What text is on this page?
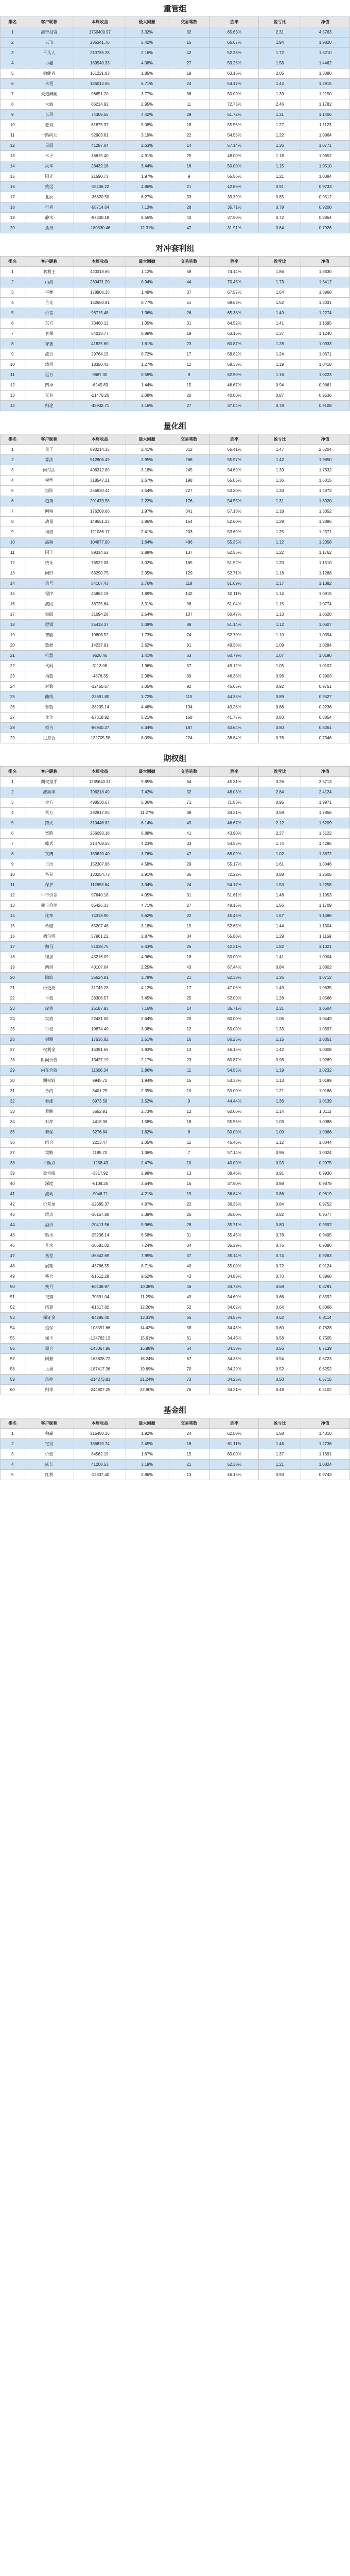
重管组
排名	客户昵称	本周收益	最大回撤	交易笔数	胜率	盈亏比	净值
1	海帝投资	1750400.97	3.32%	32	65.63%	2.31	4.5763
2	云飞	285341.76	5.42%	15	66.67%	1.94	1.9820
3	平凡人	210785.28	2.16%	42	52.38%	1.72	1.5210
4	小鑫	189540.33	4.08%	27	59.26%	1.58	1.4462
5	稳健者	151221.83	1.85%	19	63.16%	2.05	1.3380
6	永恒	126012.56	6.71%	24	54.17%	1.44	1.2915
7	天道酬勤	98651.20	3.77%	36	50.00%	1.39	1.2150
8	大海	86214.92	2.95%	11	72.73%	2.46	1.1782
9	长风	74308.55	4.42%	29	51.72%	1.31	1.1406
10	老刘	61875.37	5.08%	18	55.56%	1.27	1.1123
11	一路向北	52903.61	3.19%	22	54.55%	1.22	1.0964
12	星辰	41287.04	2.63%	14	57.14%	1.36	1.0771
13	木子	36615.40	4.91%	25	48.00%	1.18	1.0652
14	风华	28432.18	3.44%	16	50.00%	1.15	1.0510
15	阳光	21590.73	1.97%	9	55.56%	1.21	1.0384
16	致远	-15406.22	4.86%	21	42.86%	0.91	0.9733
17	北辰	-36820.50	6.27%	33	39.39%	0.85	0.9512
18	行者	-58714.64	7.13%	28	35.71%	0.79	0.9208
19	静水	-97300.18	8.55%	40	37.50%	0.72	0.8864
20	孤舟	-180530.46	12.31%	47	31.91%	0.64	0.7926
对冲套利组
排名	客户昵称	本周收益	最大回撤	交易笔数	胜率	盈亏比	净值
1	套利王	420318.65	1.12%	58	74.14%	1.86	1.8830
2	山海	260471.20	0.94%	44	70.45%	1.73	1.5412
3	平衡	178906.35	1.48%	37	67.57%	1.64	1.3968
4	月光	132650.91	0.77%	51	68.63%	1.52	1.3031
5	价差	98715.48	1.36%	26	65.38%	1.49	1.2274
6	东方	73460.12	1.05%	31	64.52%	1.41	1.1695
7	套保	54018.77	0.89%	19	63.16%	1.37	1.1240
8	守拙	41825.60	1.61%	23	60.87%	1.28	1.0933
9	流云	29764.15	0.72%	17	58.82%	1.24	1.0671
10	清风	18350.42	1.27%	12	58.33%	1.19	1.0418
11	远方	9687.30	0.58%	8	62.50%	1.16	1.0223
12	四季	-6245.83	1.44%	15	46.67%	0.94	0.9861
13	无名	-21470.26	2.08%	20	40.00%	0.87	0.9536
14	归途	-48932.71	3.16%	27	37.04%	0.78	0.9108
量化组
排名	客户昵称	本周收益	最大回撤	交易笔数	胜率	盈亏比	净值
1	量子	890214.35	2.41%	312	56.41%	1.47	2.6204
2	算法	512806.49	2.95%	268	55.97%	1.42	1.9850
3	阿尔法	406312.80	3.18%	245	54.69%	1.39	1.7632
4	模型	318547.21	2.67%	198	55.05%	1.36	1.6015
5	矩阵	256930.44	3.54%	227	53.30%	1.33	1.4873
6	趋势	201473.58	2.22%	176	54.55%	1.31	1.3920
7	网格	176208.66	1.97%	341	57.18%	1.18	1.3352
8	动量	148651.23	3.86%	154	52.60%	1.29	1.2886
9	均值	121036.17	2.41%	203	53.69%	1.25	1.2371
10	高频	104877.90	1.64%	486	55.35%	1.12	1.2058
11	因子	89314.52	2.88%	137	52.55%	1.22	1.1762
12	统计	76522.08	3.02%	165	51.52%	1.20	1.1510
13	回归	63290.75	2.35%	129	52.71%	1.18	1.1268
14	信号	54107.43	2.76%	118	51.69%	1.17	1.1082
15	程序	45862.19	1.89%	142	52.11%	1.14	1.0915
16	波段	38725.64	3.31%	96	51.04%	1.15	1.0774
17	突破	31094.28	2.54%	107	50.47%	1.13	1.0620
18	逻辑	25418.37	2.09%	88	51.14%	1.12	1.0507
19	智能	19806.52	1.73%	74	52.70%	1.10	1.0394
20	数据	14237.91	2.62%	81	49.38%	1.09	1.0284
21	机器	9520.46	1.41%	63	50.79%	1.07	1.0190
22	代码	5113.08	1.96%	57	49.12%	1.05	1.0102
23	指数	-4876.35	2.38%	69	46.38%	0.96	0.9903
24	对数	-12450.67	3.05%	92	45.65%	0.92	0.9751
25	曲线	-23691.80	3.72%	115	44.35%	0.89	0.9527
26	参数	-38205.14	4.46%	134	43.28%	0.86	0.9236
27	优化	-57318.92	5.21%	158	41.77%	0.83	0.8854
28	拟合	-86940.27	6.34%	187	40.64%	0.80	0.8261
29	过拟合	-132705.58	8.09%	224	38.84%	0.76	0.7346
期权组
排名	客户昵称	本周收益	最大回撤	交易笔数	胜率	盈亏比	净值
1	期权猎手	1285640.31	9.85%	64	45.31%	3.26	3.5713
2	波动率	706218.49	7.42%	52	48.08%	2.84	2.4124
3	卖方	498530.67	5.36%	71	71.83%	0.95	1.9971
4	买方	392817.05	11.27%	38	34.21%	3.58	1.7856
5	跨式	310446.82	6.14%	45	46.67%	2.12	1.6209
6	宽跨	256093.18	6.88%	41	43.90%	2.27	1.5122
7	蝶式	214768.55	4.23%	33	54.55%	1.74	1.4295
8	铁鹰	183620.40	3.76%	47	68.09%	1.02	1.3672
9	日历	152307.96	4.58%	29	55.17%	1.61	1.3046
10	备兑	130254.73	2.91%	36	72.22%	0.88	1.2605
11	保护	112893.64	3.34%	24	54.17%	1.53	1.2258
12	牛市价差	97640.18	4.05%	31	51.61%	1.48	1.1953
13	熊市价差	85426.33	4.71%	27	48.15%	1.56	1.1709
14	比率	74318.90	5.62%	22	45.45%	1.67	1.1486
15	希腊	65207.46	3.18%	19	52.63%	1.44	1.1304
16	德尔塔	57961.22	2.87%	34	55.88%	1.29	1.1159
17	伽马	51038.75	6.43%	26	42.31%	1.82	1.1021
18	维加	45216.09	4.96%	18	50.00%	1.41	1.0904
19	西塔	40107.64	2.25%	43	67.44%	0.84	1.0802
20	隐波	35624.81	3.79%	21	52.38%	1.35	1.0712
21	历史波	31745.28	4.12%	17	47.06%	1.49	1.0635
22	平值	28306.57	3.45%	25	52.00%	1.28	1.0566
23	虚值	25187.93	7.16%	14	35.71%	2.31	1.0504
24	实值	22431.06	2.64%	20	60.00%	1.06	1.0449
25	行权	19874.40	3.08%	12	50.00%	1.33	1.0397
26	到期	17536.82	2.51%	16	56.25%	1.15	1.0351
27	权利金	15391.65	3.93%	13	46.15%	1.42	1.0308
28	时间价值	13427.19	2.17%	23	60.87%	0.98	1.0269
29	内在价值	11608.34	2.86%	11	54.55%	1.19	1.0232
30	期权链	9945.72	1.94%	15	53.33%	1.13	1.0199
31	合约	8401.25	2.39%	10	50.00%	1.21	1.0168
32	看涨	6973.58	3.52%	9	44.44%	1.36	1.0139
33	看跌	5652.91	2.73%	12	50.00%	1.14	1.0113
34	对冲	4418.36	1.58%	18	55.56%	1.03	1.0088
35	套保	3276.84	1.82%	8	50.00%	1.09	1.0066
36	组合	2213.47	2.05%	11	45.45%	1.12	1.0044
37	策略	1195.70	1.36%	7	57.14%	0.96	1.0024
38	平衡点	-1268.43	2.47%	10	40.00%	0.93	0.9975
39	盈亏线	-3517.92	2.98%	13	38.46%	0.91	0.9930
40	深度	-6108.25	3.64%	16	37.50%	0.88	0.9878
41	流动	-9046.71	4.21%	19	36.84%	0.86	0.9819
42	价差单	-12385.37	4.87%	22	36.36%	0.84	0.9752
43	滑点	-16157.80	5.39%	25	36.00%	0.82	0.9677
44	溢价	-20413.56	5.96%	28	35.71%	0.80	0.9592
45	贴水	-25236.14	6.58%	31	35.48%	0.78	0.9495
46	升水	-30681.02	7.24%	34	35.29%	0.76	0.9386
47	基差	-36842.69	7.95%	37	35.14%	0.74	0.9263
48	展期	-43786.55	8.71%	40	35.00%	0.72	0.9124
49	移仓	-51612.28	9.52%	43	34.88%	0.70	0.8968
50	换月	-60438.97	10.38%	46	34.78%	0.68	0.8791
51	交割	-70391.04	11.29%	49	34.69%	0.66	0.8592
52	结算	-81617.82	12.26%	52	34.62%	0.64	0.8368
53	保证金	-94286.40	13.31%	55	34.55%	0.62	0.8114
54	追保	-108591.66	14.42%	58	34.48%	0.60	0.7828
55	强平	-124762.13	15.61%	61	34.43%	0.58	0.7505
56	爆仓	-143067.95	16.88%	64	34.38%	0.56	0.7139
57	回撤	-163828.72	18.24%	67	34.33%	0.54	0.6723
58	止损	-187417.36	19.69%	70	34.29%	0.52	0.6252
59	风控	-214273.81	21.24%	73	34.25%	0.50	0.5715
60	归零	-244907.25	22.90%	76	34.21%	0.48	0.5102
基金组
排名	客户昵称	本周收益	最大回撤	交易笔数	胜率	盈亏比	净值
1	稳赢	215480.36	1.92%	24	62.50%	1.58	1.4310
2	定投	136820.74	2.45%	18	61.11%	1.46	1.2736
3	价值	84562.19	1.67%	15	60.00%	1.37	1.1691
4	成长	41208.53	3.18%	21	52.38%	1.21	1.0824
5	红利	-12837.40	2.86%	13	46.15%	0.93	0.9743
